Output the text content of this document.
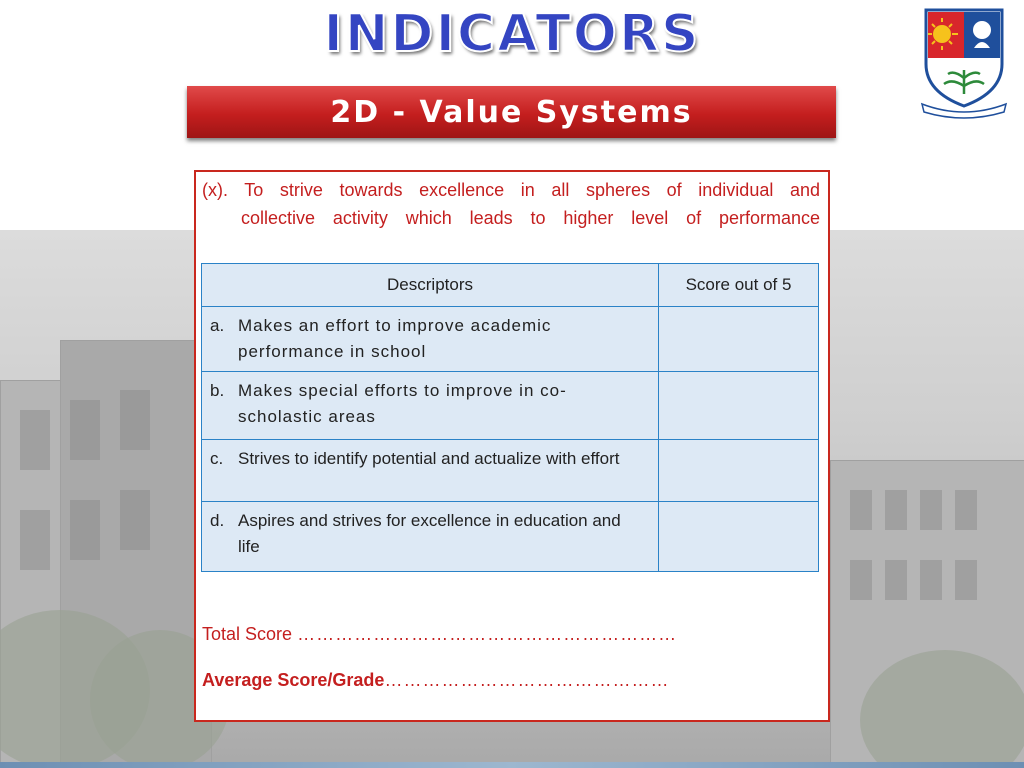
INDICATORS
2D - Value Systems
(x). To strive towards excellence in all spheres of individual and
collective activity which leads to higher level of performance
Descriptors	Score out of 5

a. Makes an effort to improve academic performance in school	

b. Makes special efforts to improve in co-scholastic areas	

c. Strives to identify potential and actualize with effort	

d. Aspires and strives for excellence in education and life	

Total Score ……………………………………………………
Average Score/Grade………………………………………
